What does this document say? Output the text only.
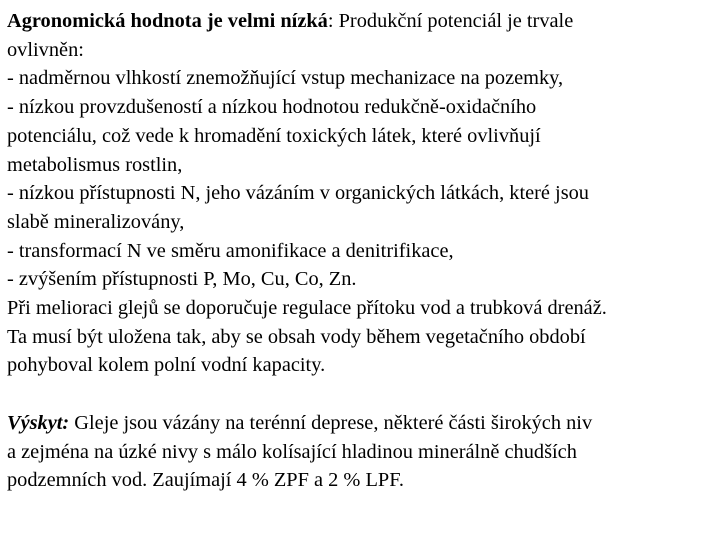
Agronomická hodnota je velmi nízká: Produkční potenciál je trvale
ovlivněn:
- nadměrnou vlhkostí znemožňující vstup mechanizace na pozemky,
- nízkou provzdušeností a nízkou hodnotou redukčně-oxidačního
potenciálu, což vede k hromadění toxických látek, které ovlivňují
metabolismus rostlin,
- nízkou přístupnosti N, jeho vázáním v organických látkách, které jsou
slabě mineralizovány,
- transformací N ve směru amonifikace a denitrifikace,
- zvýšením přístupnosti P, Mo, Cu, Co, Zn.
Při melioraci glejů se doporučuje regulace přítoku vod a trubková drenáž.
Ta musí být uložena tak, aby se obsah vody během vegetačního období
pohyboval kolem polní vodní kapacity.
Výskyt: Gleje jsou vázány na terénní deprese, některé části širokých niv
a zejména na úzké nivy s málo kolísající hladinou minerálně chudších
podzemních vod. Zaujímají 4 % ZPF a 2 % LPF.
